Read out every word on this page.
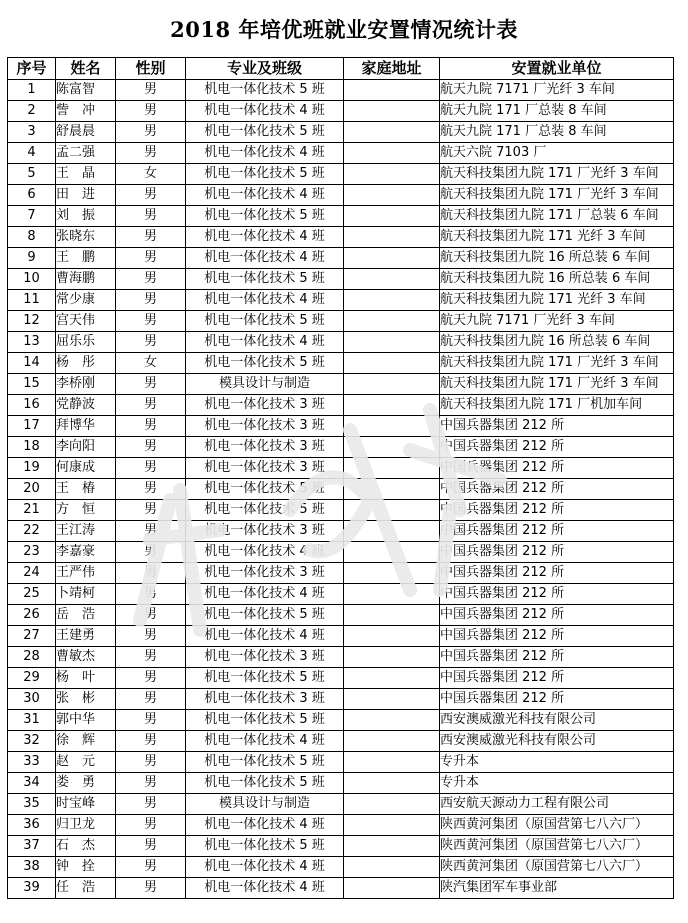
2018 年培优班就业安置情况统计表
序号	姓名	性别	专业及班级	家庭地址	安置就业单位
1	陈富智	男	机电一体化技术 5 班		航天九院 7171 厂光纤 3 车间
2	訾　冲	男	机电一体化技术 4 班		航天九院 171 厂总装 8 车间
3	舒晨晨	男	机电一体化技术 5 班		航天九院 171 厂总装 8 车间
4	孟二强	男	机电一体化技术 4 班		航天六院 7103 厂
5	王　晶	女	机电一体化技术 5 班		航天科技集团九院 171 厂光纤 3 车间
6	田　进	男	机电一体化技术 4 班		航天科技集团九院 171 厂光纤 3 车间
7	刘　振	男	机电一体化技术 5 班		航天科技集团九院 171 厂总装 6 车间
8	张晓东	男	机电一体化技术 4 班		航天科技集团九院 171 光纤 3 车间
9	王　鹏	男	机电一体化技术 4 班		航天科技集团九院 16 所总装 6 车间
10	曹海鹏	男	机电一体化技术 5 班		航天科技集团九院 16 所总装 6 车间
11	常少康	男	机电一体化技术 4 班		航天科技集团九院 171 光纤 3 车间
12	宫天伟	男	机电一体化技术 5 班		航天九院 7171 厂光纤 3 车间
13	屈乐乐	男	机电一体化技术 4 班		航天科技集团九院 16 所总装 6 车间
14	杨　彤	女	机电一体化技术 5 班		航天科技集团九院 171 厂光纤 3 车间
15	李桥刚	男	模具设计与制造		航天科技集团九院 171 厂光纤 3 车间
16	党静波	男	机电一体化技术 3 班		航天科技集团九院 171 厂机加车间
17	拜博华	男	机电一体化技术 3 班		中国兵器集团 212 所
18	李向阳	男	机电一体化技术 3 班		中国兵器集团 212 所
19	何康成	男	机电一体化技术 3 班		中国兵器集团 212 所
20	王　椿	男	机电一体化技术 5 班		中国兵器集团 212 所
21	方　恒	男	机电一体化技术 5 班		中国兵器集团 212 所
22	王江涛	男	机电一体化技术 3 班		中国兵器集团 212 所
23	李嘉豪	男	机电一体化技术 4 班		中国兵器集团 212 所
24	王严伟	男	机电一体化技术 3 班		中国兵器集团 212 所
25	卜靖柯	男	机电一体化技术 4 班		中国兵器集团 212 所
26	岳　浩	男	机电一体化技术 5 班		中国兵器集团 212 所
27	王建勇	男	机电一体化技术 4 班		中国兵器集团 212 所
28	曹敏杰	男	机电一体化技术 3 班		中国兵器集团 212 所
29	杨　叶	男	机电一体化技术 5 班		中国兵器集团 212 所
30	张　彬	男	机电一体化技术 3 班		中国兵器集团 212 所
31	郭中华	男	机电一体化技术 5 班		西安澳威激光科技有限公司
32	徐　辉	男	机电一体化技术 4 班		西安澳威激光科技有限公司
33	赵　元	男	机电一体化技术 5 班		专升本
34	娄　勇	男	机电一体化技术 5 班		专升本
35	时宝峰	男	模具设计与制造		西安航天源动力工程有限公司
36	归卫龙	男	机电一体化技术 4 班		陕西黄河集团（原国营第七八六厂）
37	石　杰	男	机电一体化技术 5 班		陕西黄河集团（原国营第七八六厂）
38	钟　拴	男	机电一体化技术 4 班		陕西黄河集团（原国营第七八六厂）
39	任　浩	男	机电一体化技术 4 班		陕汽集团军车事业部
